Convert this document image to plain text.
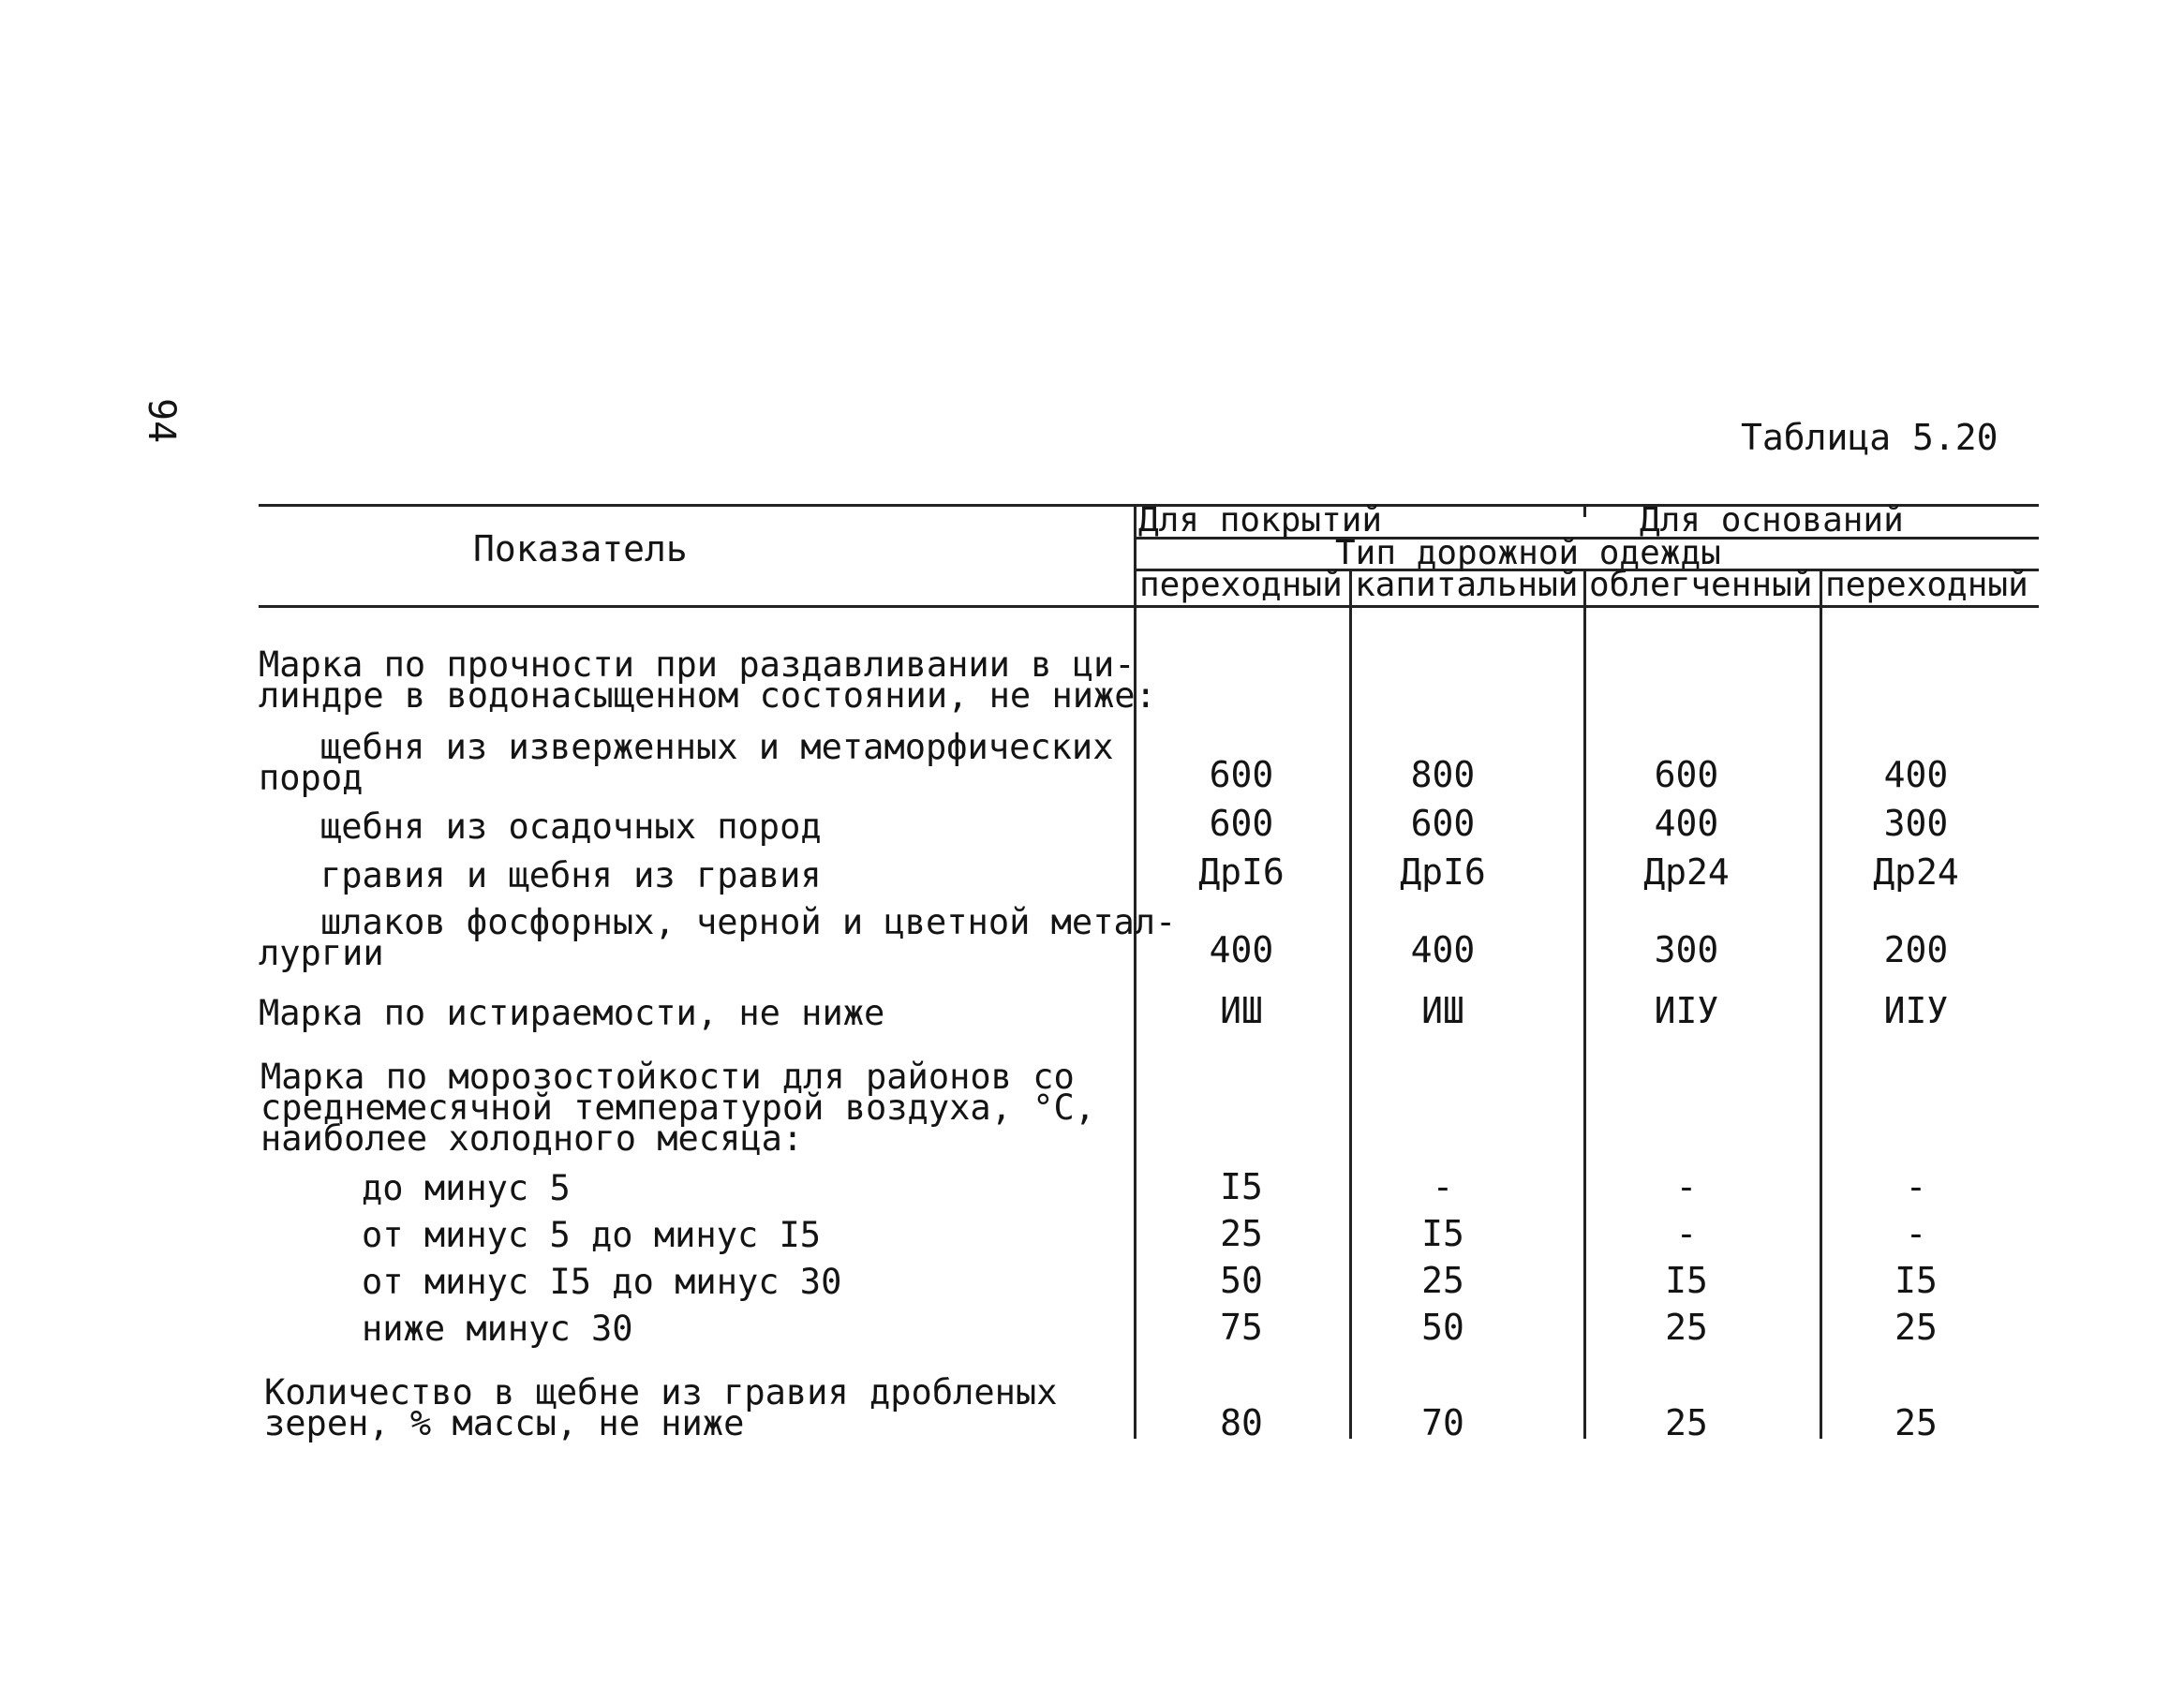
94	Таблица 5.20
Показатель
Для покрытий	Для оснований
Тип дорожной одежды
переходный капитальный облегченный переходный
Марка по прочности при раздавливании в ци-
линдре в водонасыщенном состоянии, не ниже:
щебня из изверженных и метаморфических
пород	600	800	600	400
щебня из осадочных пород	600	600	400	300
гравия и щебня из гравия	ДрI6	ДрI6	Др24	Др24
шлаков фосфорных, черной и цветной метал-
лургии	400	400	300	200
Марка по истираемости, не ниже	ИШ	ИШ	ИIУ	ИIУ
Марка по морозостойкости для районов со
среднемесячной температурой воздуха, °С,
наиболее холодного месяца:
до минус 5	I5	-	-	-
от минус 5 до минус I5	25	I5	-	-
от минус I5 до минус 30	50	25	I5	I5
ниже минус 30	75	50	25	25
Количество в щебне из гравия дробленых
зерен, % массы, не ниже	80	70	25	25
